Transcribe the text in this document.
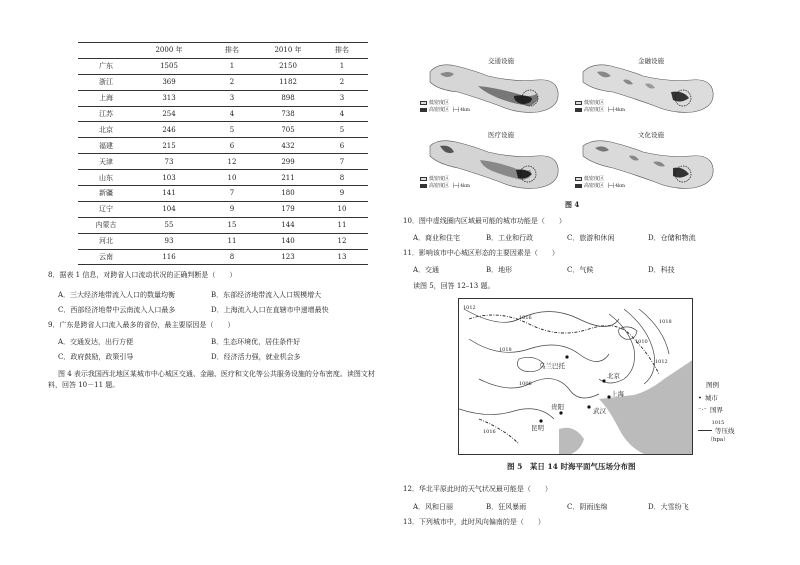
	2000 年	排名	2010 年	排名
广东	1505	1	2150	1
浙江	369	2	1182	2
上海	313	3	898	3
江苏	254	4	738	4
北京	246	5	705	5
福建	215	6	432	6
天津	73	12	299	7
山东	103	10	211	8
新疆	141	7	180	9
辽宁	104	9	179	10
内蒙古	55	15	144	11
河北	93	11	140	12
云南	116	8	123	13
8．据表 1 信息，对跨省人口流动状况的正确判断是（　　）
A．三大经济地带流入人口的数量均衡	B．东部经济地带流入人口规模增大
C．西部经济地带中云南流入人口最多	D．上海流入人口在直辖市中递增最快
9．广东是跨省人口流入最多的省份，最主要原因是（　　）
A．交通发达，出行方便	B．生态环境优，居住条件好
C．政府鼓励，政策引导	D．经济活力强，就业机会多
图 4 表示我国西北地区某城市中心城区交通、金融、医疗和文化等公共服务设施的分布密度。读图文材料，回答 10－11 题。
交通设施
低密度区
高密度区 ├─┤4km
金融设施
低密度区
高密度区 ├─┤4km
医疗设施
低密度区
高密度区 ├─┤4km
文化设施
低密度区
高密度区 ├─┤4km
图 4
10．图中虚线圈内区域最可能的城市功能是（　　）
A．商业和住宅	B．工业和行政	C．旅游和休闲	D．仓储和物流
11．影响该市中心城区形态的主要因素是（　　）
A．交通	B．地形	C．气候	D．科技
读图 5，回答 12–13 题。
乌兰巴托
北京
上海
武汉
贵阳
昆明
1012
1016
1018
1006
1010
1012
1016
1018
图 5　某日 14 时海平面气压场分布图
图例
• 城市
⁻·⁻ 国界
1015
等压线
（hpa）
12．华北平原此时的天气状况最可能是（　　）
A．风和日丽	B．狂风暴雨	C．阴雨连绵	D．大雪纷飞
13．下列城市中，此时风向偏南的是（　　）
